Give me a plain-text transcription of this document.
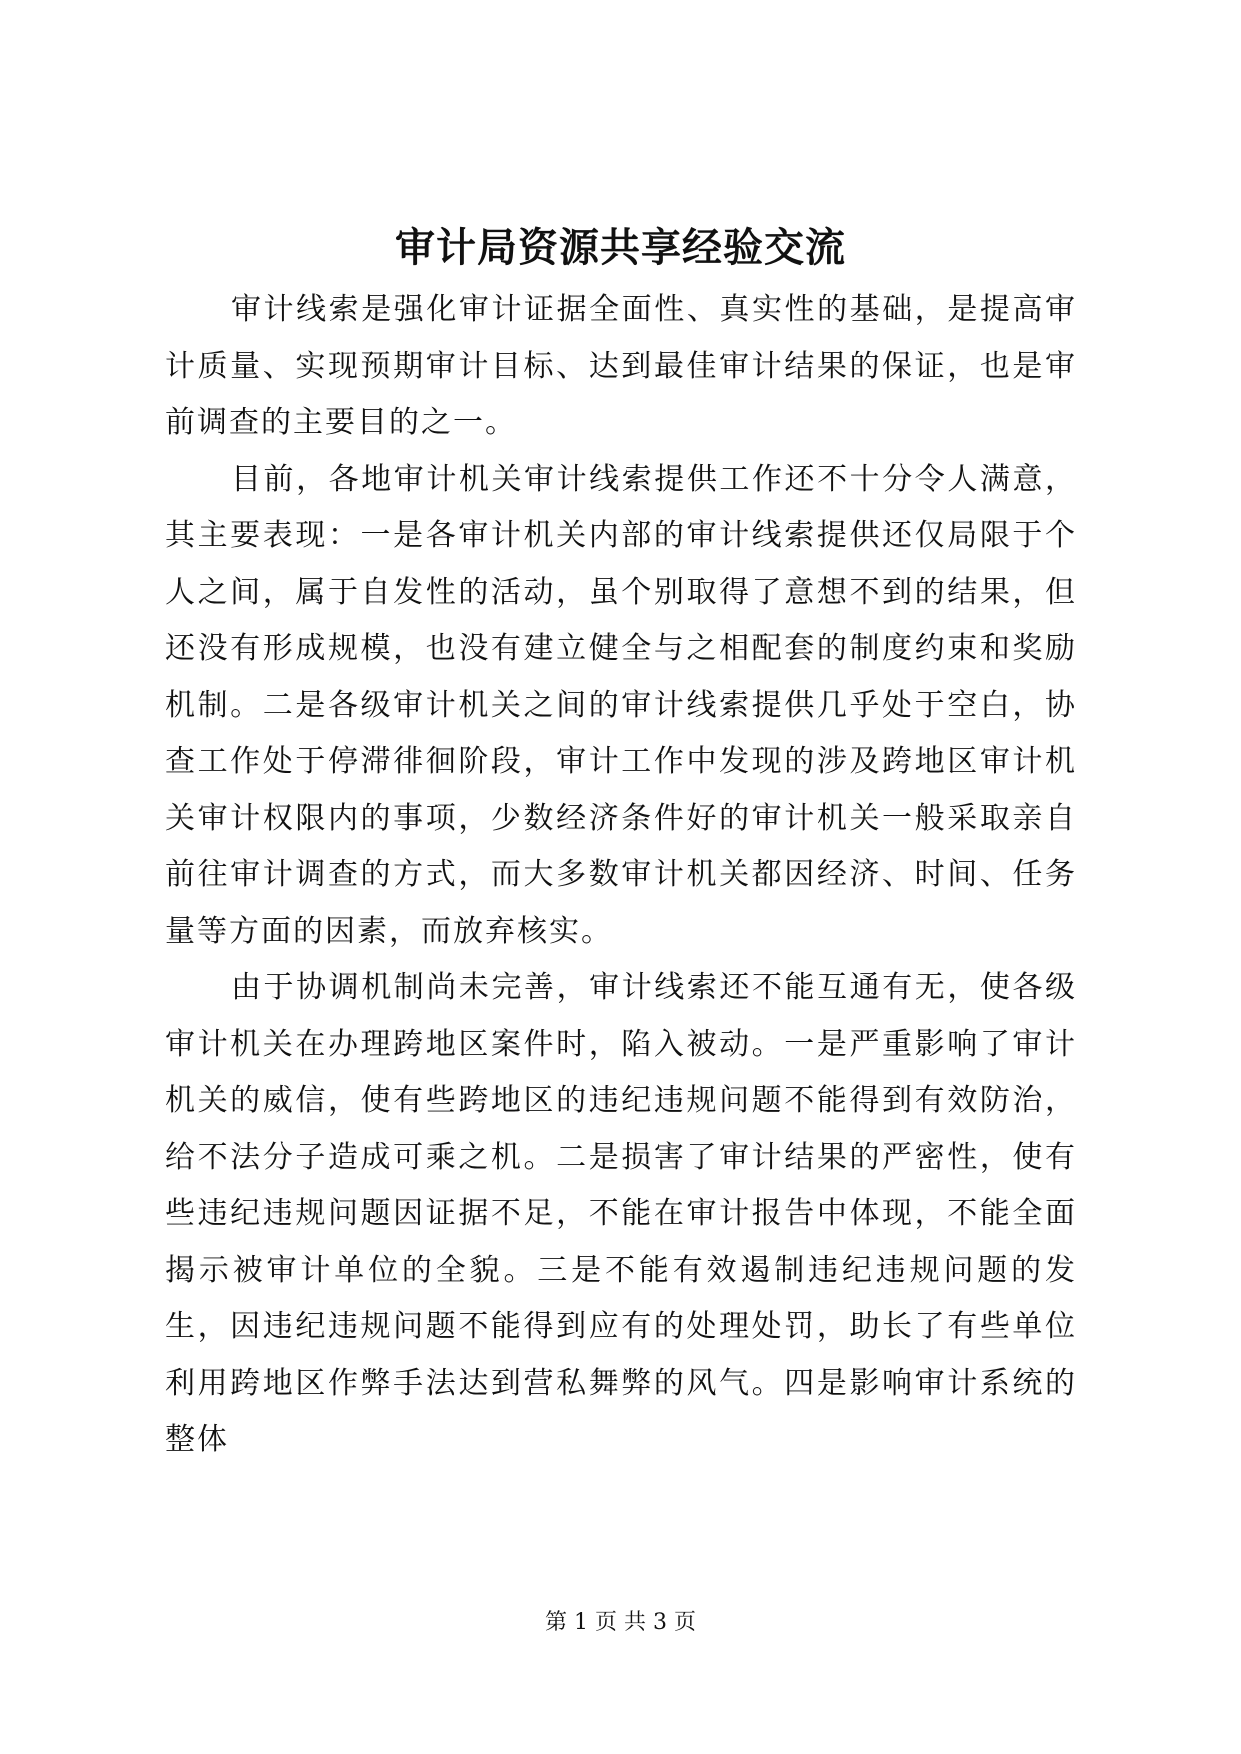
审计局资源共享经验交流

审计线索是强化审计证据全面性、真实性的基础，是提高审计质量、实现预期审计目标、达到最佳审计结果的保证，也是审前调查的主要目的之一。

目前，各地审计机关审计线索提供工作还不十分令人满意，其主要表现：一是各审计机关内部的审计线索提供还仅局限于个人之间，属于自发性的活动，虽个别取得了意想不到的结果，但还没有形成规模，也没有建立健全与之相配套的制度约束和奖励机制。二是各级审计机关之间的审计线索提供几乎处于空白，协查工作处于停滞徘徊阶段，审计工作中发现的涉及跨地区审计机关审计权限内的事项，少数经济条件好的审计机关一般采取亲自前往审计调查的方式，而大多数审计机关都因经济、时间、任务量等方面的因素，而放弃核实。

由于协调机制尚未完善，审计线索还不能互通有无，使各级审计机关在办理跨地区案件时，陷入被动。一是严重影响了审计机关的威信，使有些跨地区的违纪违规问题不能得到有效防治，给不法分子造成可乘之机。二是损害了审计结果的严密性，使有些违纪违规问题因证据不足，不能在审计报告中体现，不能全面揭示被审计单位的全貌。三是不能有效遏制违纪违规问题的发生，因违纪违规问题不能得到应有的处理处罚，助长了有些单位利用跨地区作弊手法达到营私舞弊的风气。四是影响审计系统的整体

第 1 页 共 3 页
